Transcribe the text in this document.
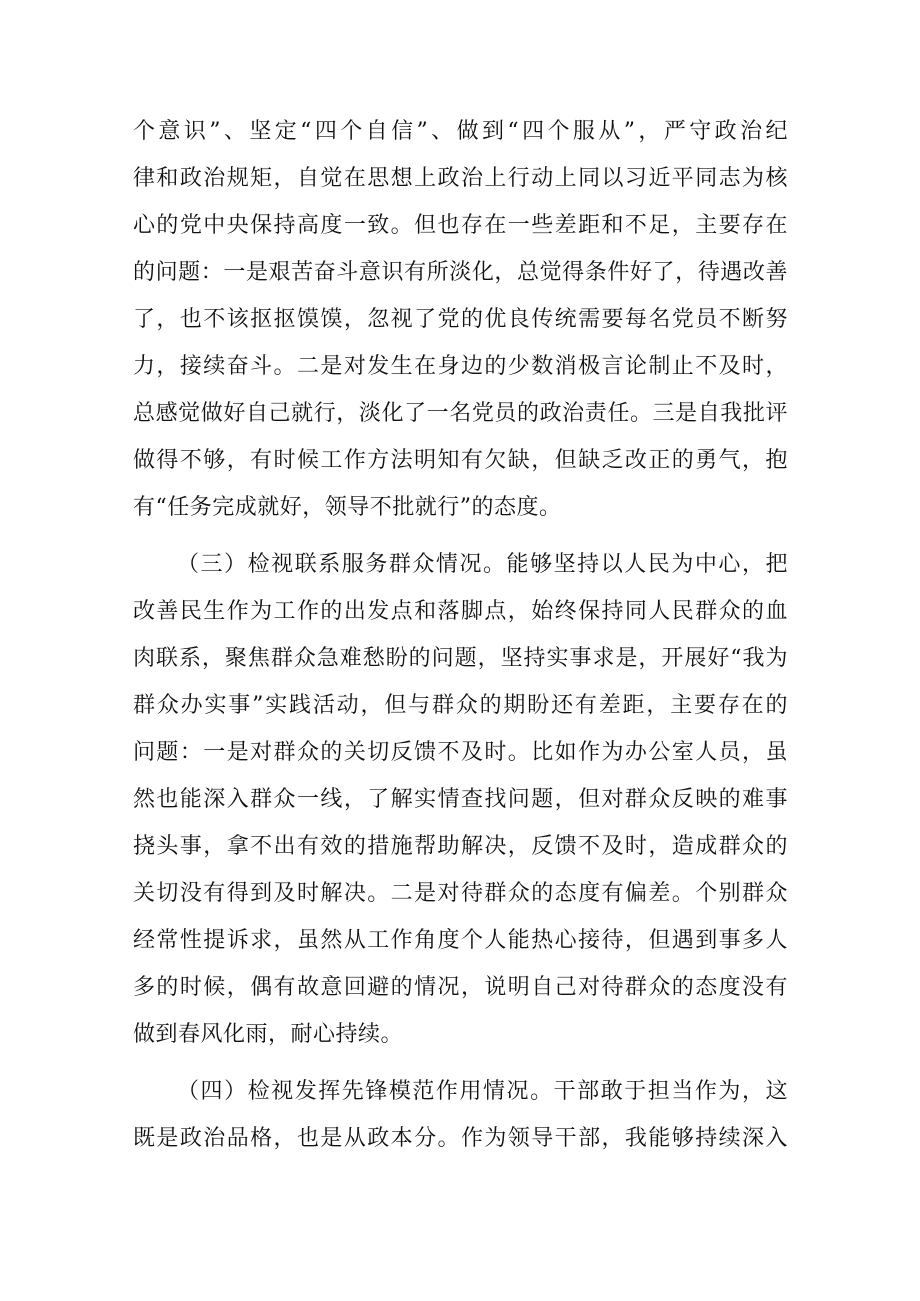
个意识”、坚定“四个自信”、做到“四个服从”，严守政治纪
律和政治规矩，自觉在思想上政治上行动上同以习近平同志为核
心的党中央保持高度一致。但也存在一些差距和不足，主要存在
的问题：一是艰苦奋斗意识有所淡化，总觉得条件好了，待遇改善
了，也不该抠抠馍馍，忽视了党的优良传统需要每名党员不断努
力，接续奋斗。二是对发生在身边的少数消极言论制止不及时，
总感觉做好自己就行，淡化了一名党员的政治责任。三是自我批评
做得不够，有时候工作方法明知有欠缺，但缺乏改正的勇气，抱
有“任务完成就好，领导不批就行”的态度。
（三）检视联系服务群众情况。能够坚持以人民为中心，把
改善民生作为工作的出发点和落脚点，始终保持同人民群众的血
肉联系，聚焦群众急难愁盼的问题，坚持实事求是，开展好“我为
群众办实事”实践活动，但与群众的期盼还有差距，主要存在的
问题：一是对群众的关切反馈不及时。比如作为办公室人员，虽
然也能深入群众一线，了解实情查找问题，但对群众反映的难事
挠头事，拿不出有效的措施帮助解决，反馈不及时，造成群众的
关切没有得到及时解决。二是对待群众的态度有偏差。个别群众
经常性提诉求，虽然从工作角度个人能热心接待，但遇到事多人
多的时候，偶有故意回避的情况，说明自己对待群众的态度没有
做到春风化雨，耐心持续。
（四）检视发挥先锋模范作用情况。干部敢于担当作为，这
既是政治品格，也是从政本分。作为领导干部，我能够持续深入
